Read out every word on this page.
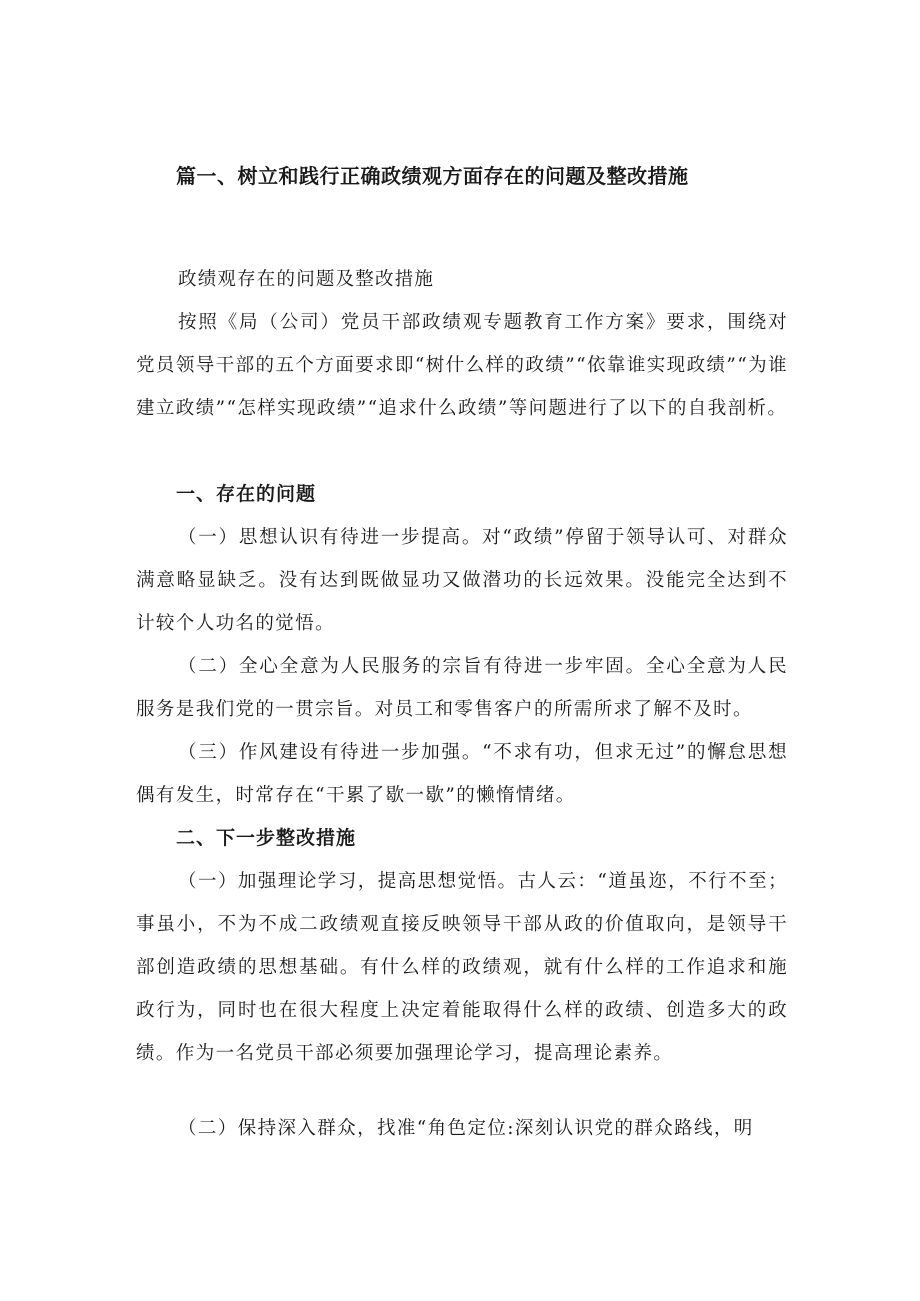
篇一、树立和践行正确政绩观方面存在的问题及整改措施
政绩观存在的问题及整改措施
按照《局（公司）党员干部政绩观专题教育工作方案》要求，围绕对党员领导干部的五个方面要求即“树什么样的政绩”“依靠谁实现政绩”“为谁建立政绩”“怎样实现政绩”“追求什么政绩”等问题进行了以下的自我剖析。
一、存在的问题
（一）思想认识有待进一步提高。对“政绩”停留于领导认可、对群众满意略显缺乏。没有达到既做显功又做潜功的长远效果。没能完全达到不计较个人功名的觉悟。
（二）全心全意为人民服务的宗旨有待进一步牢固。全心全意为人民服务是我们党的一贯宗旨。对员工和零售客户的所需所求了解不及时。
（三）作风建设有待进一步加强。“不求有功，但求无过”的懈怠思想偶有发生，时常存在“干累了歇一歇”的懒惰情绪。
二、下一步整改措施
（一）加强理论学习，提高思想觉悟。古人云：“道虽迩，不行不至；事虽小，不为不成二政绩观直接反映领导干部从政的价值取向，是领导干部创造政绩的思想基础。有什么样的政绩观，就有什么样的工作追求和施政行为，同时也在很大程度上决定着能取得什么样的政绩、创造多大的政绩。作为一名党员干部必须要加强理论学习，提高理论素养。
（二）保持深入群众，找准“角色定位:深刻认识党的群众路线，明
